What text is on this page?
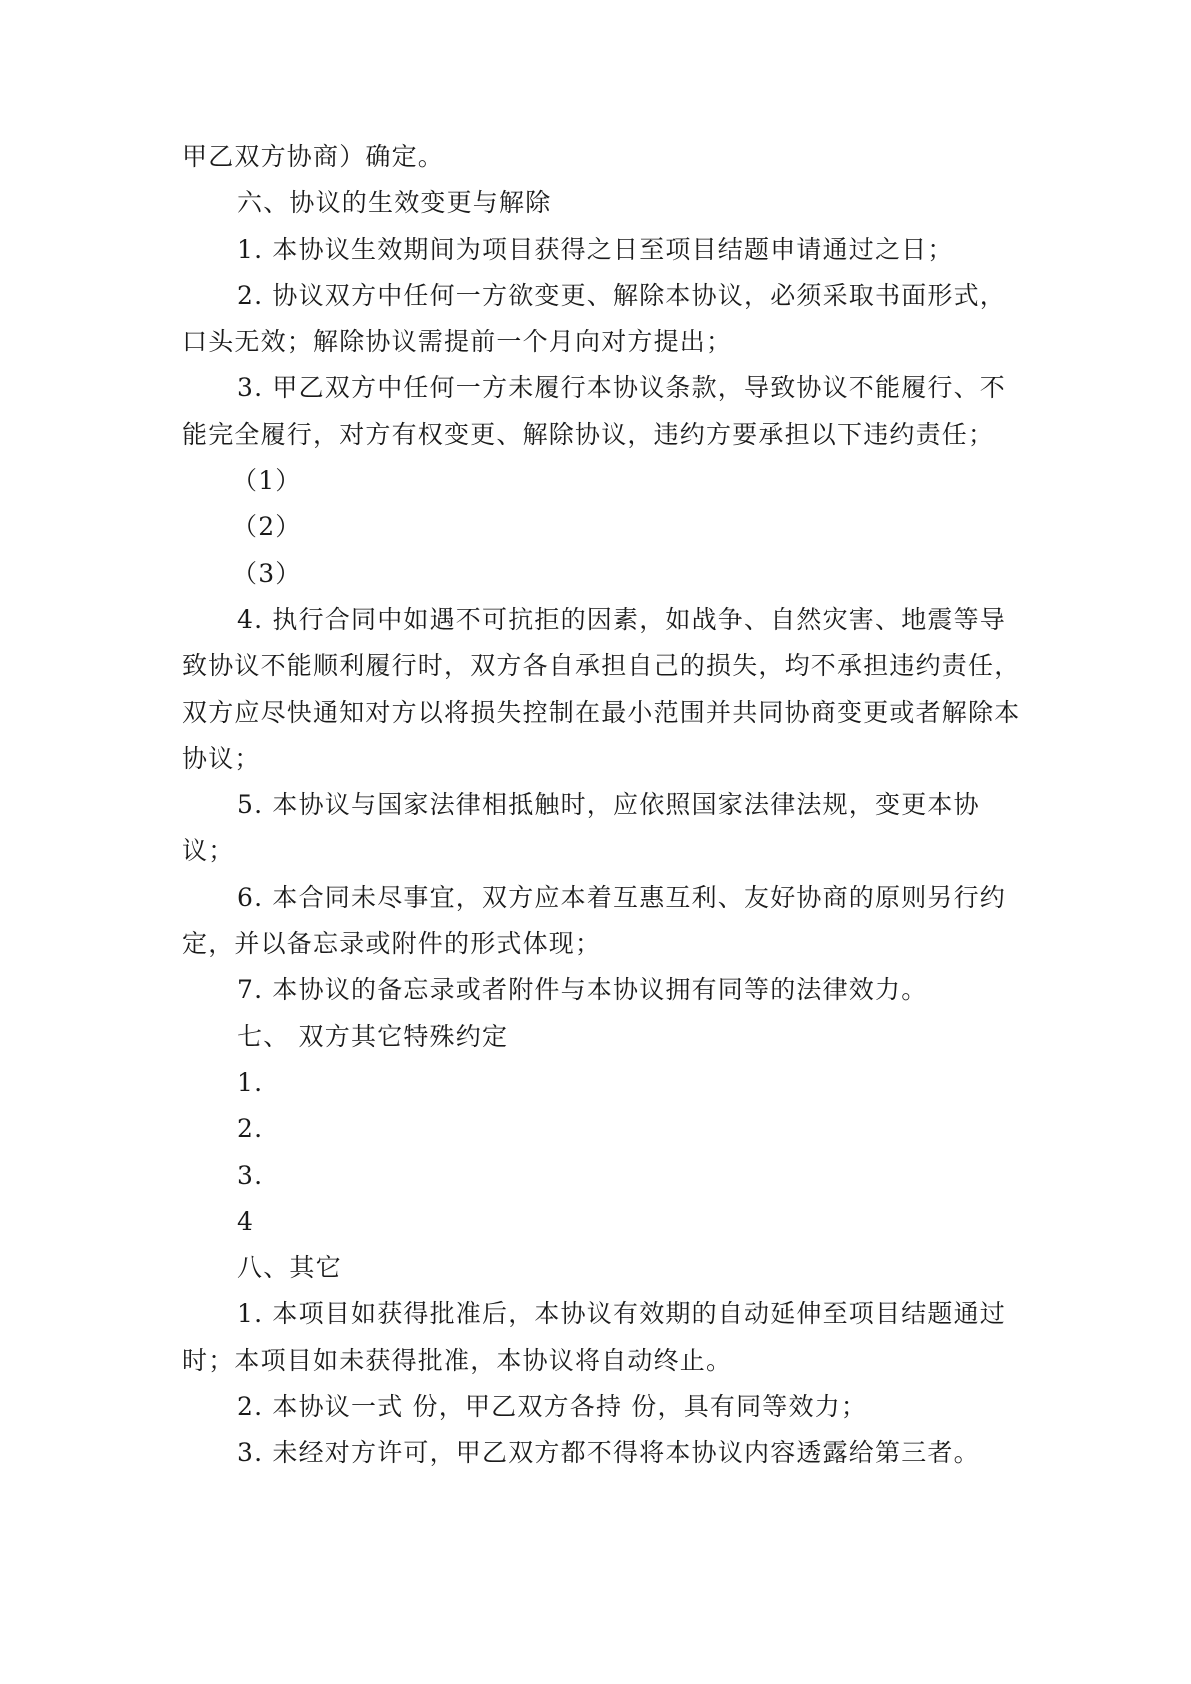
甲乙双方协商）确定。

六、协议的生效变更与解除

1. 本协议生效期间为项目获得之日至项目结题申请通过之日；

2. 协议双方中任何一方欲变更、解除本协议，必须采取书面形式，口头无效；解除协议需提前一个月向对方提出；

3. 甲乙双方中任何一方未履行本协议条款，导致协议不能履行、不能完全履行，对方有权变更、解除协议，违约方要承担以下违约责任；

（1）

（2）

（3）

4. 执行合同中如遇不可抗拒的因素，如战争、自然灾害、地震等导致协议不能顺利履行时，双方各自承担自己的损失，均不承担违约责任，双方应尽快通知对方以将损失控制在最小范围并共同协商变更或者解除本协议；

5. 本协议与国家法律相抵触时，应依照国家法律法规，变更本协议；

6. 本合同未尽事宜，双方应本着互惠互利、友好协商的原则另行约定，并以备忘录或附件的形式体现；

7. 本协议的备忘录或者附件与本协议拥有同等的法律效力。

七、 双方其它特殊约定

1.

2.

3.

4

八、其它

1. 本项目如获得批准后，本协议有效期的自动延伸至项目结题通过时；本项目如未获得批准，本协议将自动终止。

2. 本协议一式 份，甲乙双方各持 份，具有同等效力；

3. 未经对方许可，甲乙双方都不得将本协议内容透露给第三者。
